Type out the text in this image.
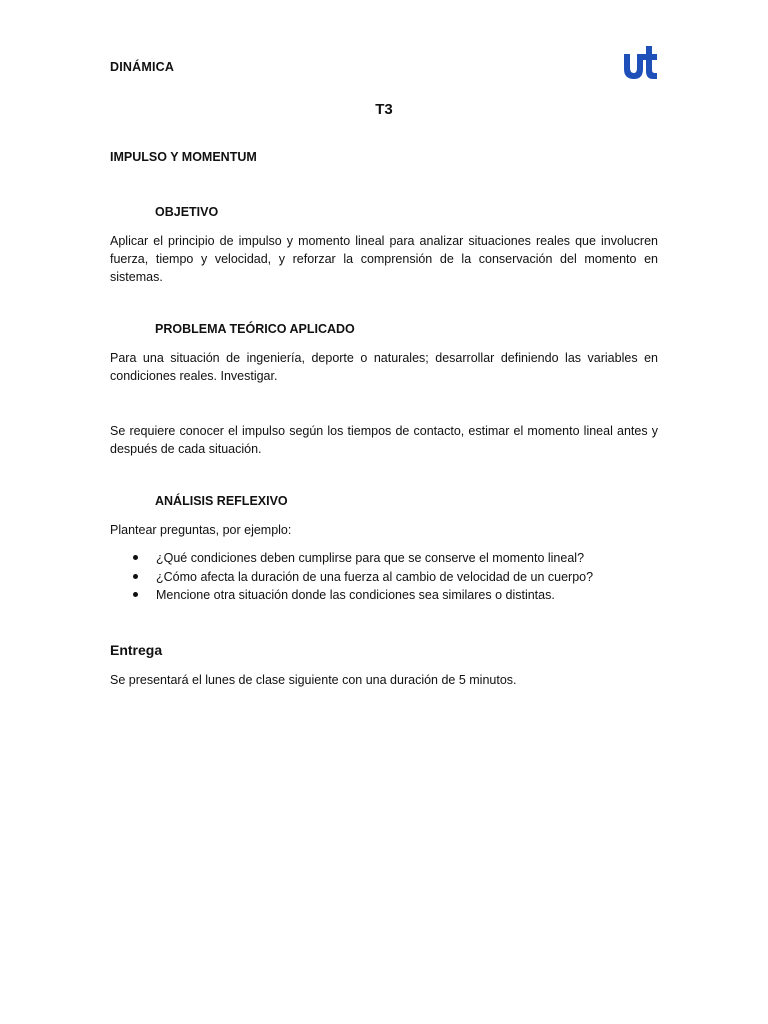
DINÁMICA
T3
IMPULSO Y MOMENTUM
OBJETIVO
Aplicar el principio de impulso y momento lineal para analizar situaciones reales que involucren fuerza, tiempo y velocidad, y reforzar la comprensión de la conservación del momento en sistemas.
PROBLEMA TEÓRICO APLICADO
Para una situación de ingeniería, deporte o naturales; desarrollar definiendo las variables en condiciones reales. Investigar.
Se requiere conocer el impulso según los tiempos de contacto, estimar el momento lineal antes y después de cada situación.
ANÁLISIS REFLEXIVO
Plantear preguntas, por ejemplo:
¿Qué condiciones deben cumplirse para que se conserve el momento lineal?
¿Cómo afecta la duración de una fuerza al cambio de velocidad de un cuerpo?
Mencione otra situación donde las condiciones sea similares o distintas.
Entrega
Se presentará el lunes de clase siguiente con una duración de 5 minutos.
